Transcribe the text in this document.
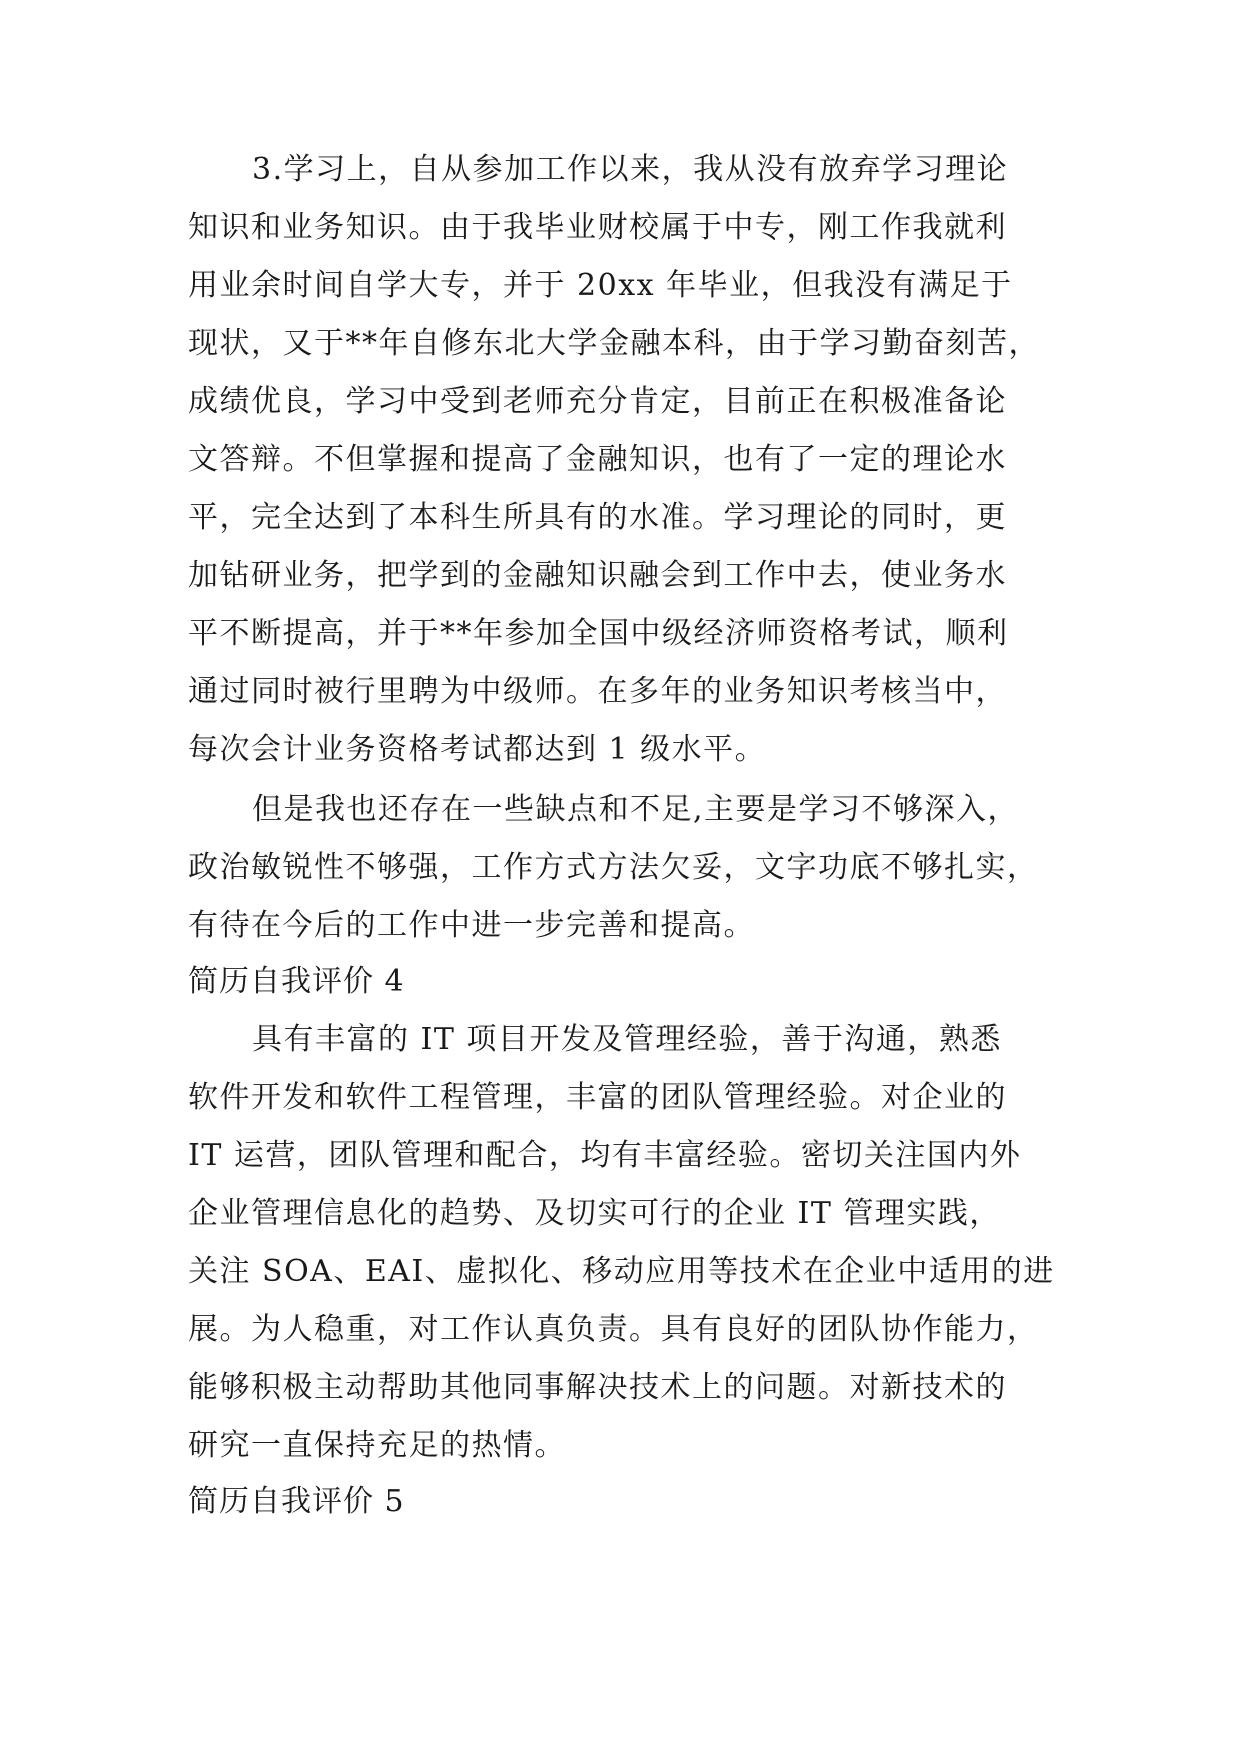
3.学习上，自从参加工作以来，我从没有放弃学习理论
知识和业务知识。由于我毕业财校属于中专，刚工作我就利
用业余时间自学大专，并于 20xx 年毕业，但我没有满足于
现状，又于**年自修东北大学金融本科，由于学习勤奋刻苦，
成绩优良，学习中受到老师充分肯定，目前正在积极准备论
文答辩。不但掌握和提高了金融知识，也有了一定的理论水
平，完全达到了本科生所具有的水准。学习理论的同时，更
加钻研业务，把学到的金融知识融会到工作中去，使业务水
平不断提高，并于**年参加全国中级经济师资格考试，顺利
通过同时被行里聘为中级师。在多年的业务知识考核当中，
每次会计业务资格考试都达到 1 级水平。
但是我也还存在一些缺点和不足,主要是学习不够深入，
政治敏锐性不够强，工作方式方法欠妥，文字功底不够扎实，
有待在今后的工作中进一步完善和提高。
简历自我评价 4
具有丰富的 IT 项目开发及管理经验，善于沟通，熟悉
软件开发和软件工程管理，丰富的团队管理经验。对企业的
IT 运营，团队管理和配合，均有丰富经验。密切关注国内外
企业管理信息化的趋势、及切实可行的企业 IT 管理实践，
关注 SOA、EAI、虚拟化、移动应用等技术在企业中适用的进
展。为人稳重，对工作认真负责。具有良好的团队协作能力，
能够积极主动帮助其他同事解决技术上的问题。对新技术的
研究一直保持充足的热情。
简历自我评价 5
